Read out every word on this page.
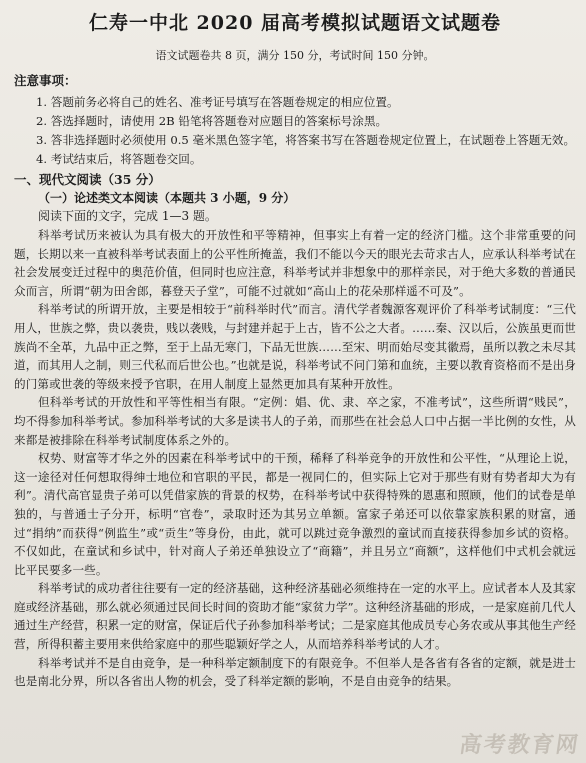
仁寿一中北 2020 届高考模拟试题语文试题卷
语文试题卷共 8 页，满分 150 分，考试时间 150 分钟。
注意事项：
1. 答题前务必将自己的姓名、准考证号填写在答题卷规定的相应位置。
2. 答选择题时，请使用 2B 铅笔将答题卷对应题目的答案标号涂黑。
3. 答非选择题时必须使用 0.5 毫米黑色签字笔，将答案书写在答题卷规定位置上，在试题卷上答题无效。
4. 考试结束后，将答题卷交回。
一、现代文阅读（35 分）
（一）论述类文本阅读（本题共 3 小题，9 分）
阅读下面的文字，完成 1—3 题。

科举考试历来被认为具有极大的开放性和平等精神，但事实上有着一定的经济门槛。这个非常重要的问题，长期以来一直被科举考试表面上的公平性所掩盖，我们不能以今天的眼光去苛求古人，应承认科举考试在社会发展变迁过程中的奥范价值，但同时也应注意，科举考试并非想象中的那样亲民，对于绝大多数的普通民众而言，所谓“朝为田舍郎，暮登天子堂”，可能不过就如“高山上的花朵那样遥不可及”。

科举考试的所谓开放，主要是相较于“前科举时代”而言。清代学者魏源客观评价了科举考试制度：“三代用人，世族之弊，贵以袭贵，贱以袭贱，与封建并起于上古，皆不公之大者。……秦、汉以后，公族虽更而世族尚不全革，九品中正之弊，至于上品无寒门，下品无世族……至宋、明而始尽变其徽焉，虽所以教之未尽其道，而其用人之制，则三代私而后世公也。”也就是说，科举考试不问门第和血统，主要以教育资格而不是出身的门第或世袭的等级来授予官职，在用人制度上显然更加具有某种开放性。

但科举考试的开放性和平等性相当有限。“定例：娼、优、隶、卒之家，不准考试”，这些所谓“贱民”，均不得参加科举考试。参加科举考试的大多是读书人的子弟，而那些在社会总人口中占据一半比例的女性，从来都是被排除在科举考试制度体系之外的。

权势、财富等才华之外的因素在科举考试中的干预，稀释了科举竞争的开放性和公平性，“从理论上说，这一途径对任何想取得绅士地位和官职的平民，都是一视同仁的，但实际上它对于那些有财有势者却大为有利”。清代高官显贵子弟可以凭借家族的背景的权势，在科举考试中获得特殊的恩惠和照顾，他们的试卷是单独的，与普通士子分开，标明“官卷”，录取时还为其另立单额。富家子弟还可以依靠家族积累的财富，通过“捐纳”而获得“例监生”或“贡生”等身份，由此，就可以跳过竞争激烈的童试而直接获得参加乡试的资格。不仅如此，在童试和乡试中，针对商人子弟还单独设立了“商籍”，并且另立“商额”，这样他们中式机会就远比平民要多一些。

科举考试的成功者往往要有一定的经济基础，这种经济基础必须维持在一定的水平上。应试者本人及其家庭或经济基础，那么就必须通过民间长时间的资助才能“家贫力学”。这种经济基础的形成，一是家庭前几代人通过生产经营，积累一定的财富，保证后代子孙参加科举考试；二是家庭其他成员专心务农或从事其他生产经营，所得积蓄主要用来供给家庭中的那些聪颖好学之人，从而培养科举考试的人才。

科举考试并不是自由竞争，是一种科举定额制度下的有限竞争。不但举人是各省有各省的定额，就是进士也是南北分界，所以各省出人物的机会，受了科举定额的影响，不是自由竞争的结果。

高考教育网
